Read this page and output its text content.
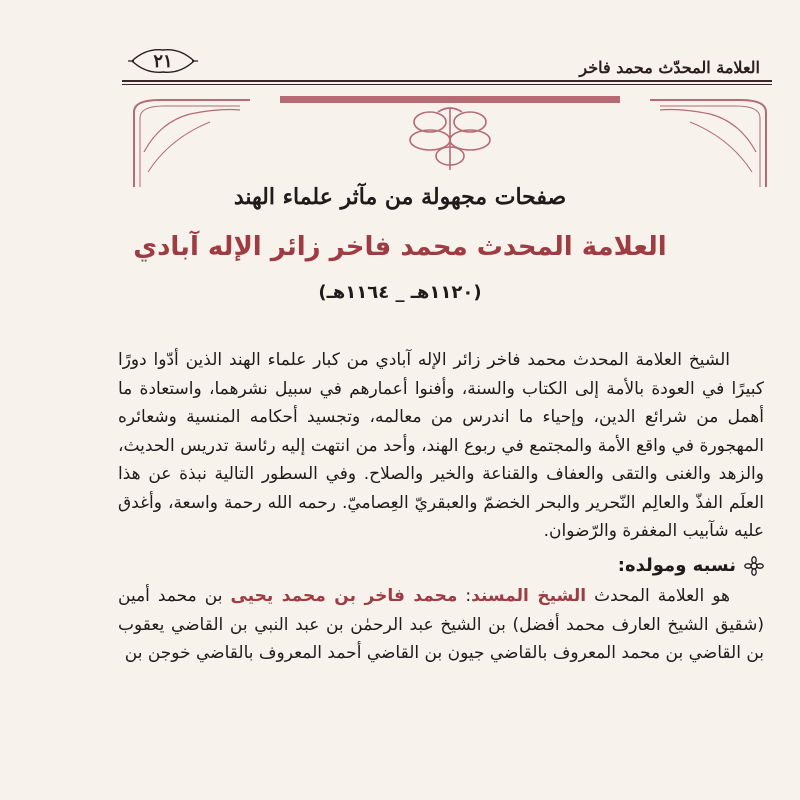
٢١	العلامة المحدّث محمد فاخر
صفحات مجهولة من مآثر علماء الهند
العلامة المحدث محمد فاخر زائر الإله آبادي
(١١٢٠هـ _ ١١٦٤هـ)

الشيخ العلامة المحدث محمد فاخر زائر الإله آبادي من كبار علماء الهند الذين أدّوا دورًا كبيرًا في العودة بالأمة إلى الكتاب والسنة، وأفنوا أعمارهم في سبيل نشرهما، واستعادة ما أهمل من شرائع الدين، وإحياء ما اندرس من معالمه، وتجسيد أحكامه المنسية وشعائره المهجورة في واقع الأمة والمجتمع في ربوع الهند، وأحد من انتهت إليه رئاسة تدريس الحديث، والزهد والغنى والتقى والعفاف والقناعة والخير والصلاح. وفي السطور التالية نبذة عن هذا العلَم الفذّ والعالِم النّحرير والبحر الخضمّ والعبقريّ العِصاميّ. رحمه الله رحمة واسعة، وأغدق عليه شآبيب المغفرة والرّضوان.

نسبه ومولده:

هو العلامة المحدث الشيخ المسند: محمد فاخر بن محمد يحيى بن محمد أمين (شقيق الشيخ العارف محمد أفضل) بن الشيخ عبد الرحمٰن بن عبد النبي بن القاضي يعقوب بن القاضي بن محمد المعروف بالقاضي جيون بن القاضي أحمد المعروف بالقاضي خوجن بن
